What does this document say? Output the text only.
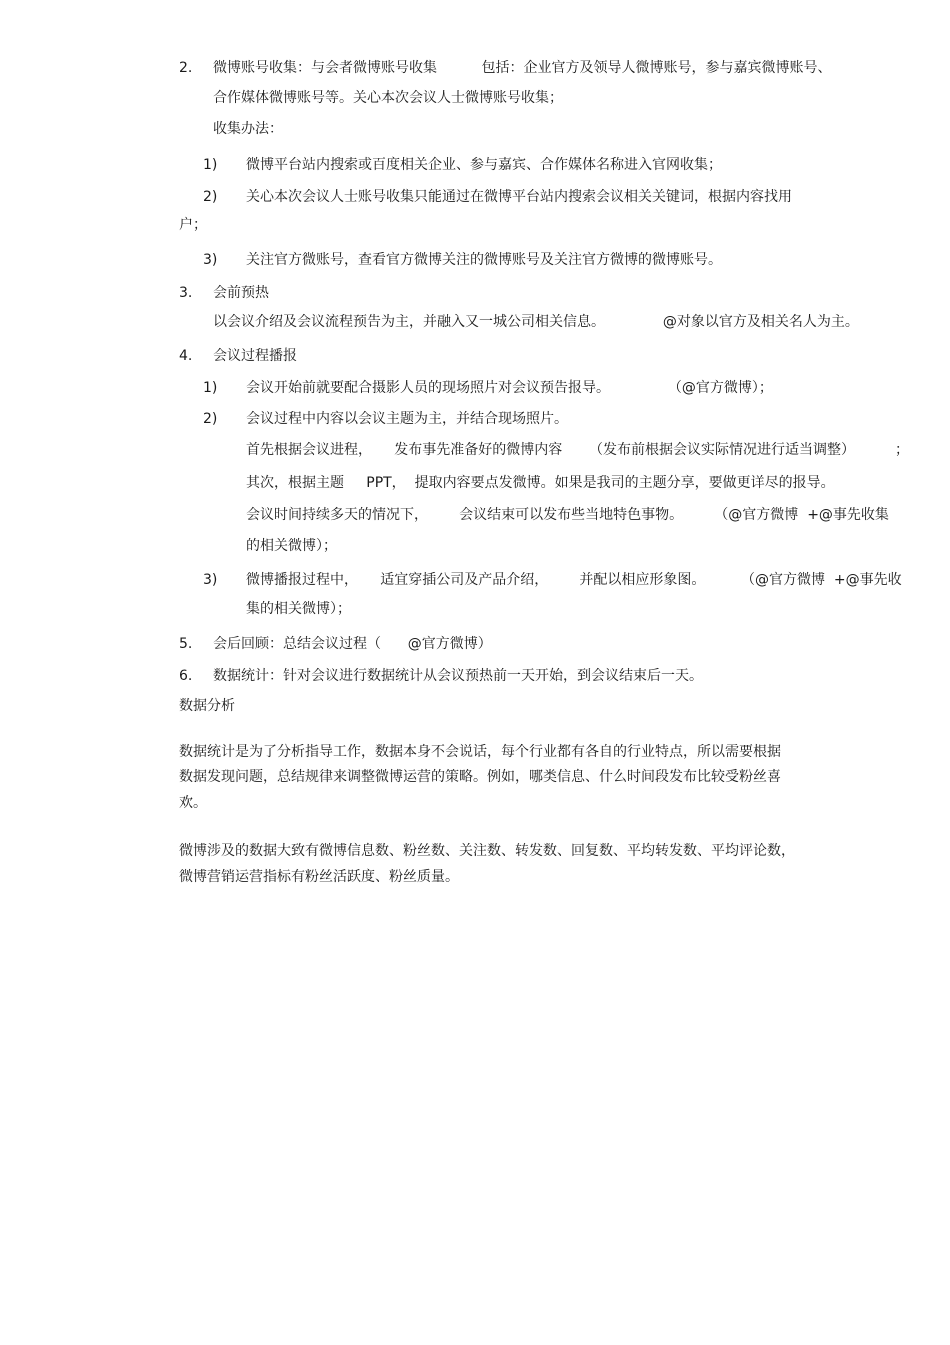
2. 微博账号收集：与会者微博账号收集          包括：企业官方及领导人微博账号，参与嘉宾微博账号、
合作媒体微博账号等。关心本次会议人士微博账号收集；
收集办法：
1) 微博平台站内搜索或百度相关企业、参与嘉宾、合作媒体名称进入官网收集；
2) 关心本次会议人士账号收集只能通过在微博平台站内搜索会议相关关键词，根据内容找用
户；
3) 关注官方微账号，查看官方微博关注的微博账号及关注官方微博的微博账号。
3. 会前预热
以会议介绍及会议流程预告为主，并融入又一城公司相关信息。             @对象以官方及相关名人为主。
4. 会议过程播报
1) 会议开始前就要配合摄影人员的现场照片对会议预告报导。             （@官方微博）；
2) 会议过程中内容以会议主题为主，并结合现场照片。
首先根据会议进程，     发布事先准备好的微博内容      （发布前根据会议实际情况进行适当调整）         ；
其次，根据主题     PPT，  提取内容要点发微博。如果是我司的主题分享，要做更详尽的报导。
会议时间持续多天的情况下，       会议结束可以发布些当地特色事物。       （@官方微博  +@事先收集
的相关微博）；
3) 微博播报过程中，     适宜穿插公司及产品介绍，       并配以相应形象图。        （@官方微博  +@事先收
集的相关微博）；
5. 会后回顾：总结会议过程（      @官方微博）
6. 数据统计：针对会议进行数据统计从会议预热前一天开始，到会议结束后一天。
数据分析
数据统计是为了分析指导工作，数据本身不会说话，每个行业都有各自的行业特点，所以需要根据
数据发现问题，总结规律来调整微博运营的策略。例如，哪类信息、什么时间段发布比较受粉丝喜
欢。
微博涉及的数据大致有微博信息数、粉丝数、关注数、转发数、回复数、平均转发数、平均评论数，
微博营销运营指标有粉丝活跃度、粉丝质量。
